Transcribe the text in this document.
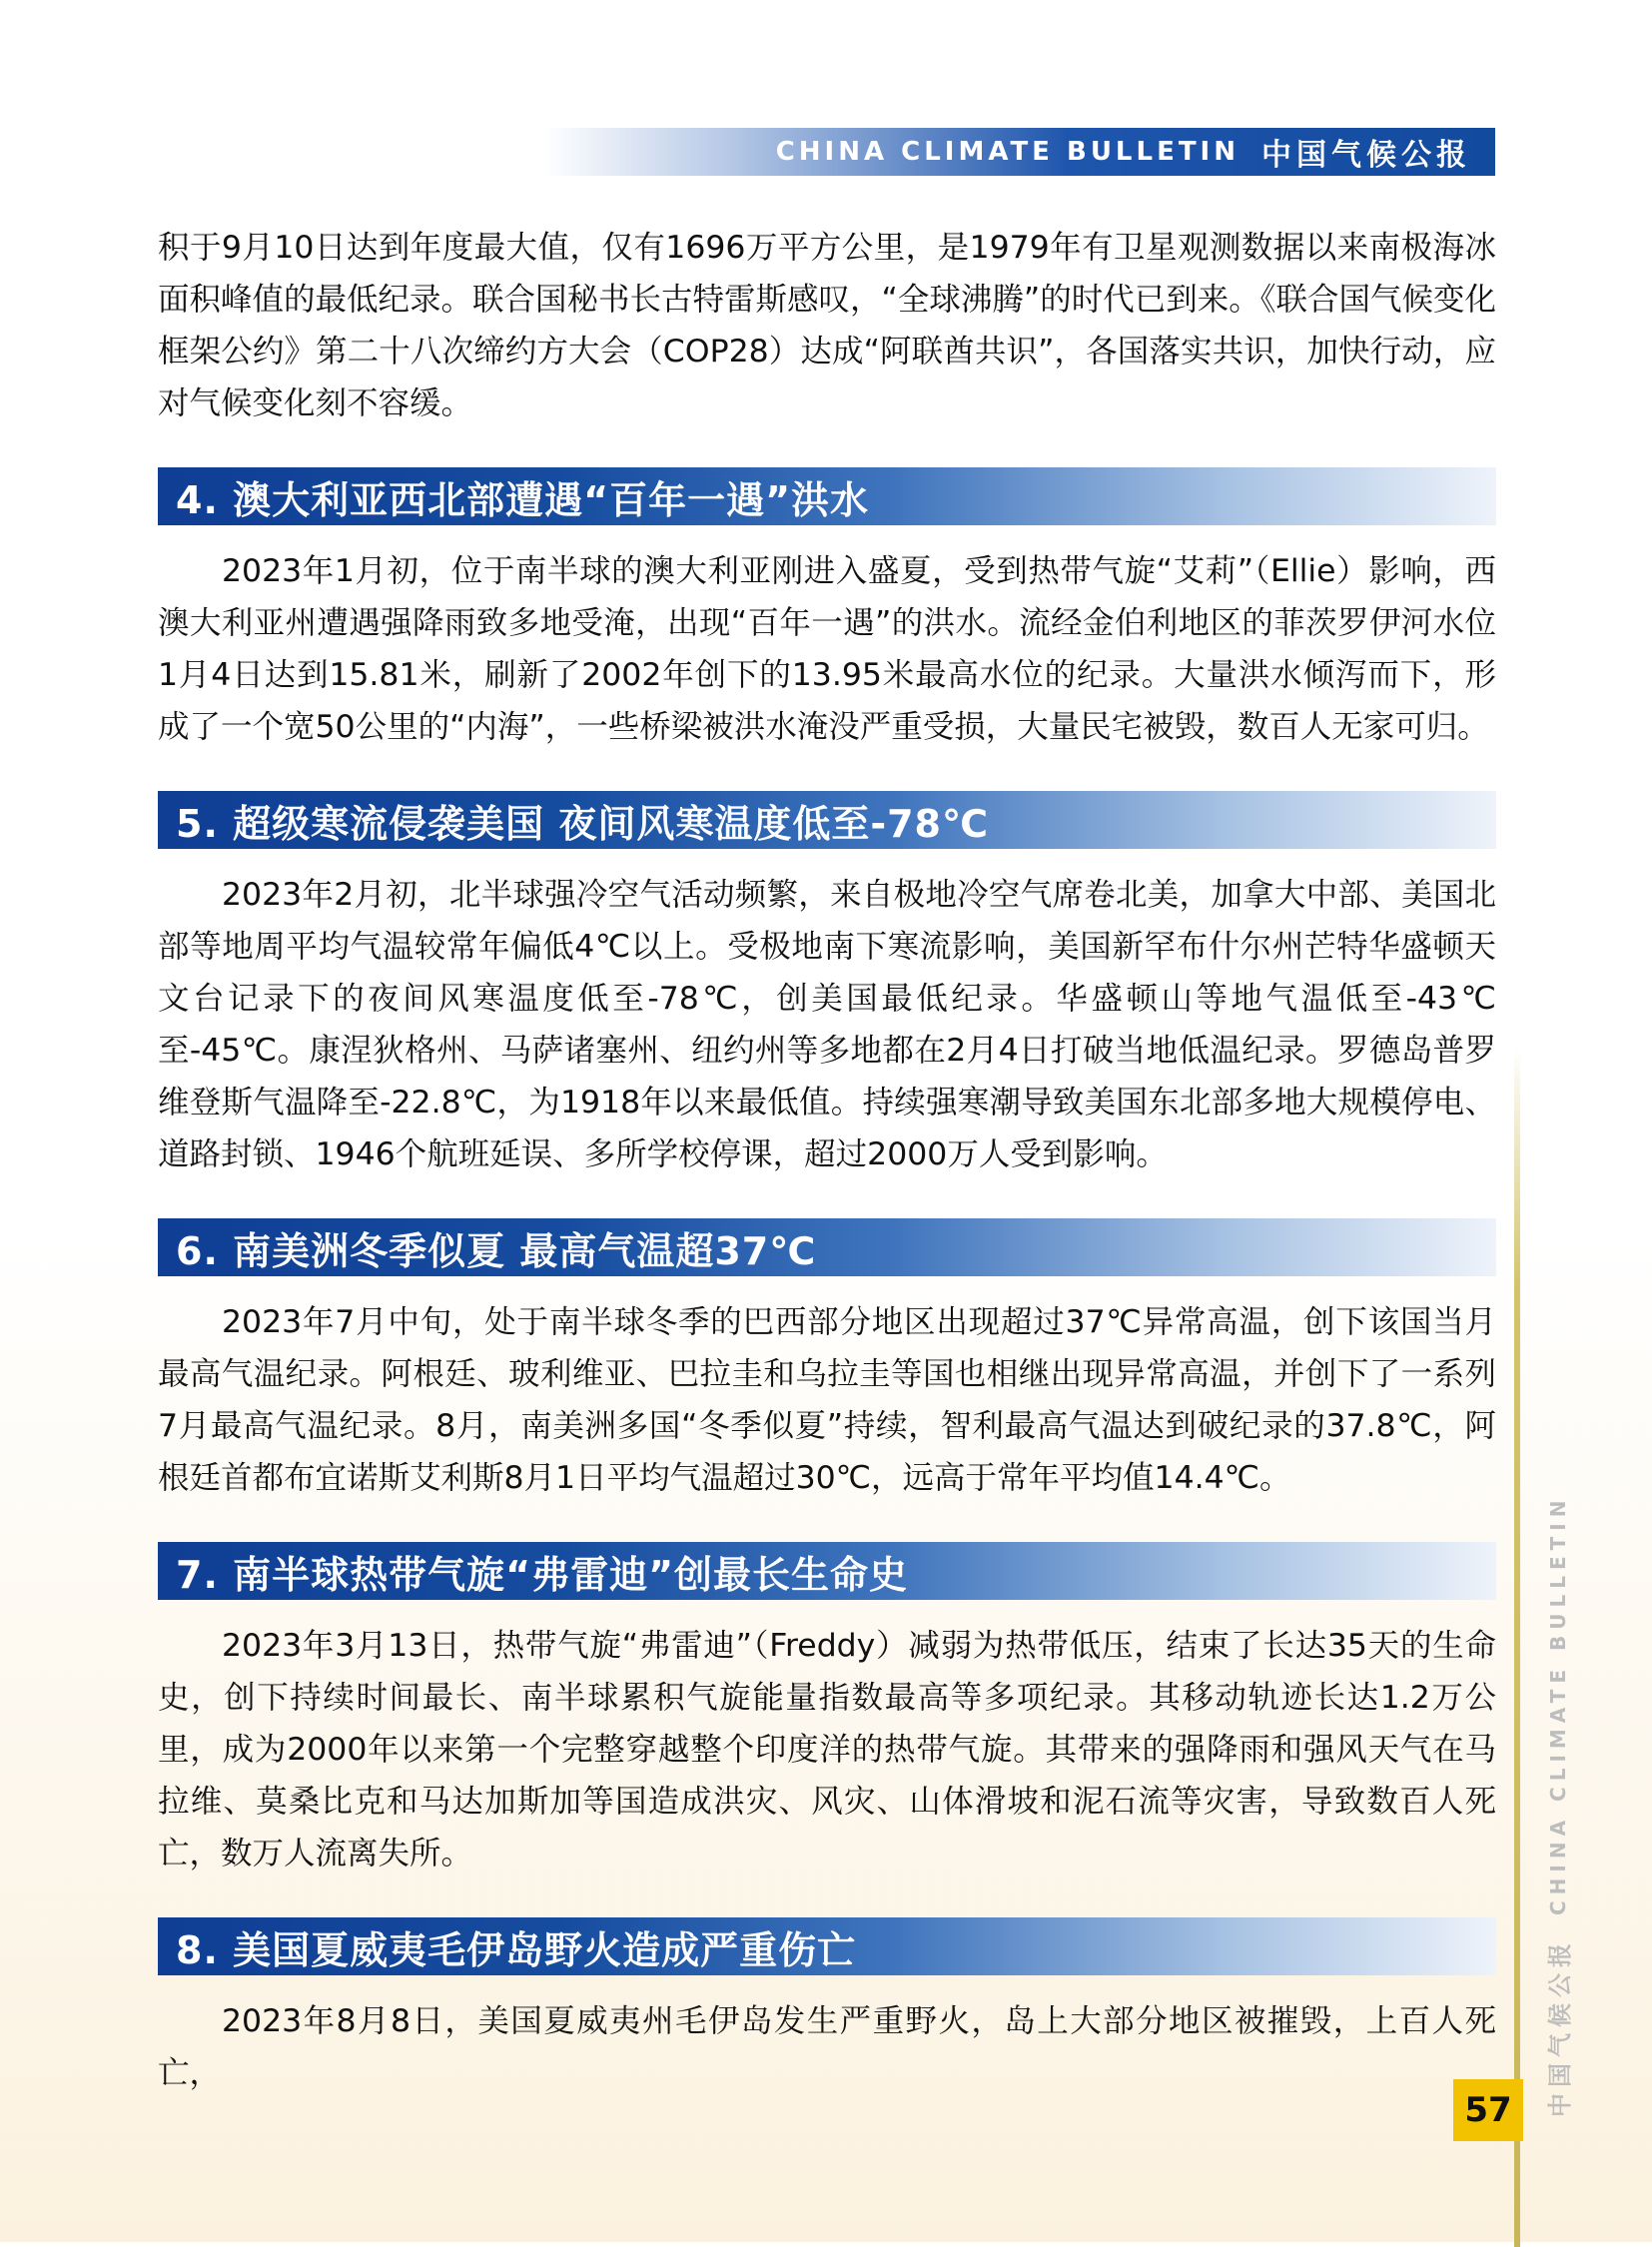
CHINA CLIMATE BULLETIN 中国气候公报

积于9月10日达到年度最大值，仅有1696万平方公里，是1979年有卫星观测数据以来南极海冰面积峰值的最低纪录。联合国秘书长古特雷斯感叹，“全球沸腾”的时代已到来。《联合国气候变化框架公约》第二十八次缔约方大会（COP28）达成“阿联酋共识”，各国落实共识，加快行动，应对气候变化刻不容缓。

4. 澳大利亚西北部遭遇“百年一遇”洪水

2023年1月初，位于南半球的澳大利亚刚进入盛夏，受到热带气旋“艾莉”（Ellie）影响，西澳大利亚州遭遇强降雨致多地受淹，出现“百年一遇”的洪水。流经金伯利地区的菲茨罗伊河水位1月4日达到15.81米，刷新了2002年创下的13.95米最高水位的纪录。大量洪水倾泻而下，形成了一个宽50公里的“内海”，一些桥梁被洪水淹没严重受损，大量民宅被毁，数百人无家可归。

5. 超级寒流侵袭美国 夜间风寒温度低至-78℃

2023年2月初，北半球强冷空气活动频繁，来自极地冷空气席卷北美，加拿大中部、美国北部等地周平均气温较常年偏低4℃以上。受极地南下寒流影响，美国新罕布什尔州芒特华盛顿天文台记录下的夜间风寒温度低至-78℃，创美国最低纪录。华盛顿山等地气温低至-43℃至-45℃。康涅狄格州、马萨诸塞州、纽约州等多地都在2月4日打破当地低温纪录。罗德岛普罗维登斯气温降至-22.8℃，为1918年以来最低值。持续强寒潮导致美国东北部多地大规模停电、道路封锁、1946个航班延误、多所学校停课，超过2000万人受到影响。

6. 南美洲冬季似夏 最高气温超37℃

2023年7月中旬，处于南半球冬季的巴西部分地区出现超过37℃异常高温，创下该国当月最高气温纪录。阿根廷、玻利维亚、巴拉圭和乌拉圭等国也相继出现异常高温，并创下了一系列7月最高气温纪录。8月，南美洲多国“冬季似夏”持续，智利最高气温达到破纪录的37.8℃，阿根廷首都布宜诺斯艾利斯8月1日平均气温超过30℃，远高于常年平均值14.4℃。

7. 南半球热带气旋“弗雷迪”创最长生命史

2023年3月13日，热带气旋“弗雷迪”（Freddy）减弱为热带低压，结束了长达35天的生命史，创下持续时间最长、南半球累积气旋能量指数最高等多项纪录。其移动轨迹长达1.2万公里，成为2000年以来第一个完整穿越整个印度洋的热带气旋。其带来的强降雨和强风天气在马拉维、莫桑比克和马达加斯加等国造成洪灾、风灾、山体滑坡和泥石流等灾害，导致数百人死亡，数万人流离失所。

8. 美国夏威夷毛伊岛野火造成严重伤亡

2023年8月8日，美国夏威夷州毛伊岛发生严重野火，岛上大部分地区被摧毁，上百人死亡，	中国气候公报
CHINA CLIMATE BULLETIN
57
